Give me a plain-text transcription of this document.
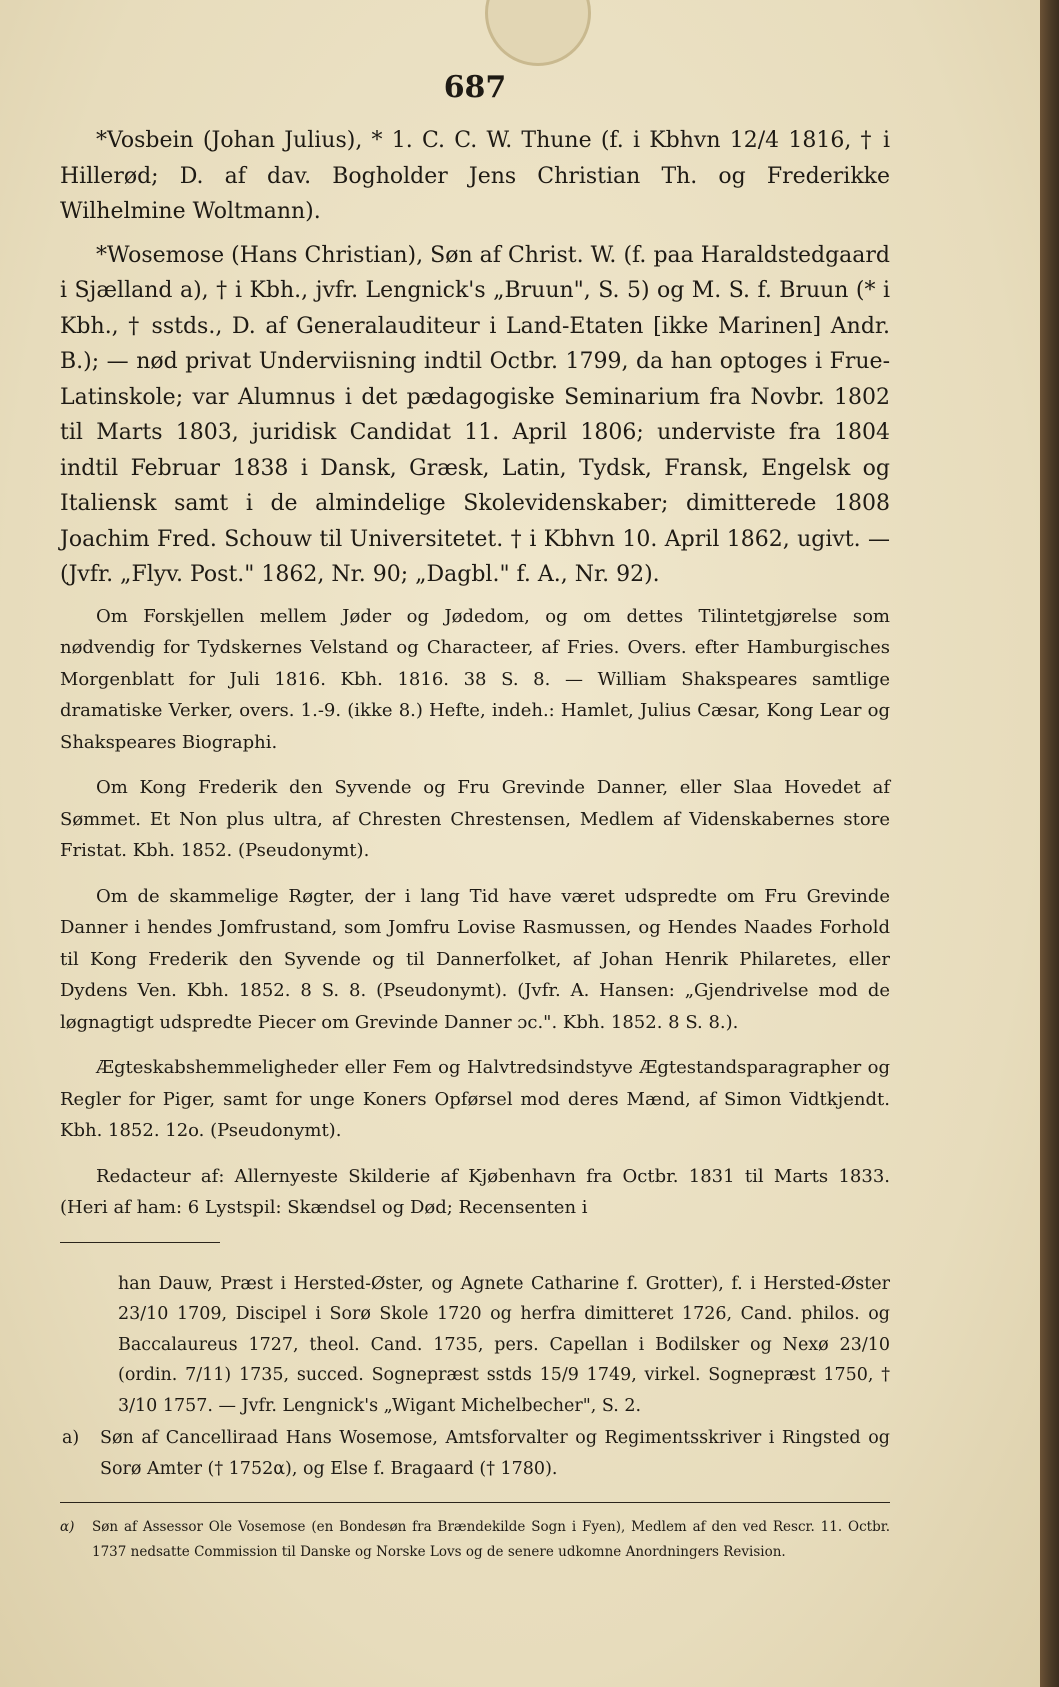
687

*Vosbein (Johan Julius), * 1. C. C. W. Thune (f. i Kbhvn 12/4 1816, † i Hillerød; D. af dav. Bogholder Jens Christian Th. og Frederikke Wilhelmine Woltmann).

*Wosemose (Hans Christian), Søn af Christ. W. (f. paa Haraldstedgaard i Sjælland a), † i Kbh., jvfr. Lengnick's „Bruun", S. 5) og M. S. f. Bruun (* i Kbh., † sstds., D. af Generalauditeur i Land-Etaten [ikke Marinen] Andr. B.); — nød privat Underviisning indtil Octbr. 1799, da han optoges i Frue-Latinskole; var Alumnus i det pædagogiske Seminarium fra Novbr. 1802 til Marts 1803, juridisk Candidat 11. April 1806; underviste fra 1804 indtil Februar 1838 i Dansk, Græsk, Latin, Tydsk, Fransk, Engelsk og Italiensk samt i de almindelige Skolevidenskaber; dimitterede 1808 Joachim Fred. Schouw til Universitetet. † i Kbhvn 10. April 1862, ugivt. — (Jvfr. „Flyv. Post." 1862, Nr. 90; „Dagbl." f. A., Nr. 92).

Om Forskjellen mellem Jøder og Jødedom, og om dettes Tilintetgjørelse som nødvendig for Tydskernes Velstand og Characteer, af Fries. Overs. efter Hamburgisches Morgenblatt for Juli 1816. Kbh. 1816. 38 S. 8. — William Shakspeares samtlige dramatiske Verker, overs. 1.-9. (ikke 8.) Hefte, indeh.: Hamlet, Julius Cæsar, Kong Lear og Shakspeares Biographi.

Om Kong Frederik den Syvende og Fru Grevinde Danner, eller Slaa Hovedet af Sømmet. Et Non plus ultra, af Chresten Chrestensen, Medlem af Videnskabernes store Fristat. Kbh. 1852. (Pseudonymt).

Om de skammelige Røgter, der i lang Tid have været udspredte om Fru Grevinde Danner i hendes Jomfrustand, som Jomfru Lovise Rasmussen, og Hendes Naades Forhold til Kong Frederik den Syvende og til Dannerfolket, af Johan Henrik Philaretes, eller Dydens Ven. Kbh. 1852. 8 S. 8. (Pseudonymt). (Jvfr. A. Hansen: „Gjendrivelse mod de løgnagtigt udspredte Piecer om Grevinde Danner ɔc.". Kbh. 1852. 8 S. 8.).

Ægteskabshemmeligheder eller Fem og Halvtredsindstyve Ægtestandsparagrapher og Regler for Piger, samt for unge Koners Opførsel mod deres Mænd, af Simon Vidtkjendt. Kbh. 1852. 12o. (Pseudonymt).

Redacteur af: Allernyeste Skilderie af Kjøbenhavn fra Octbr. 1831 til Marts 1833. (Heri af ham: 6 Lystspil: Skændsel og Død; Recensenten i

han Dauw, Præst i Hersted-Øster, og Agnete Catharine f. Grotter), f. i Hersted-Øster 23/10 1709, Discipel i Sorø Skole 1720 og herfra dimitteret 1726, Cand. philos. og Baccalaureus 1727, theol. Cand. 1735, pers. Capellan i Bodilsker og Nexø 23/10 (ordin. 7/11) 1735, succed. Sognepræst sstds 15/9 1749, virkel. Sognepræst 1750, † 3/10 1757. — Jvfr. Lengnick's „Wigant Michelbecher", S. 2.

a)	Søn af Cancelliraad Hans Wosemose, Amtsforvalter og Regimentsskriver i Ringsted og Sorø Amter († 1752α), og Else f. Bragaard († 1780).
α)	Søn af Assessor Ole Vosemose (en Bondesøn fra Brændekilde Sogn i Fyen), Medlem af den ved Rescr. 11. Octbr. 1737 nedsatte Commission til Danske og Norske Lovs og de senere udkomne Anordningers Revision.
